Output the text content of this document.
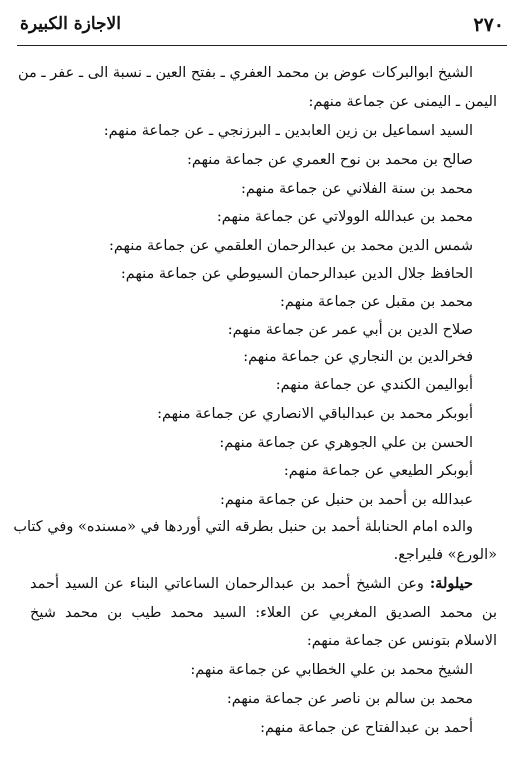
٢٧٠
الاجازة الكبيرة
الشيخ ابوالبركات عوض بن محمد العفري ـ بفتح العين ـ نسبة الى ـ عفر ـ من
اليمن ـ اليمنى عن جماعة منهم:
السيد اسماعيل بن زين العابدين ـ البرزنجي ـ عن جماعة منهم:
صالح بن محمد بن نوح العمري عن جماعة منهم:
محمد بن سنة الفلاني عن جماعة منهم:
محمد بن عبدالله الوولاتي عن جماعة منهم:
شمس الدين محمد بن عبدالرحمان العلقمي عن جماعة منهم:
الحافظ جلال الدين عبدالرحمان السيوطي عن جماعة منهم:
محمد بن مقبل عن جماعة منهم:
صلاح الدين بن أبي عمر عن جماعة منهم:
فخرالدين بن النجاري عن جماعة منهم:
أبواليمن الكندي عن جماعة منهم:
أبوبكر محمد بن عبدالباقي الانصاري عن جماعة منهم:
الحسن بن علي الجوهري عن جماعة منهم:
أبوبكر الطيعي عن جماعة منهم:
عبدالله بن أحمد بن حنبل عن جماعة منهم:
والده امام الحنابلة أحمد بن حنبل بطرقه التي أوردها في «مسنده» وفي كتاب
«الورع» فليراجع.
حيلولة: وعن الشيخ أحمد بن عبدالرحمان الساعاتي البناء عن السيد أحمد
بن محمد الصديق المغربي عن العلاء: السيد محمد طيب بن محمد شيخ
الاسلام بتونس عن جماعة منهم:
الشيخ محمد بن علي الخطابي عن جماعة منهم:
محمد بن سالم بن ناصر عن جماعة منهم:
أحمد بن عبدالفتاح عن جماعة منهم:
